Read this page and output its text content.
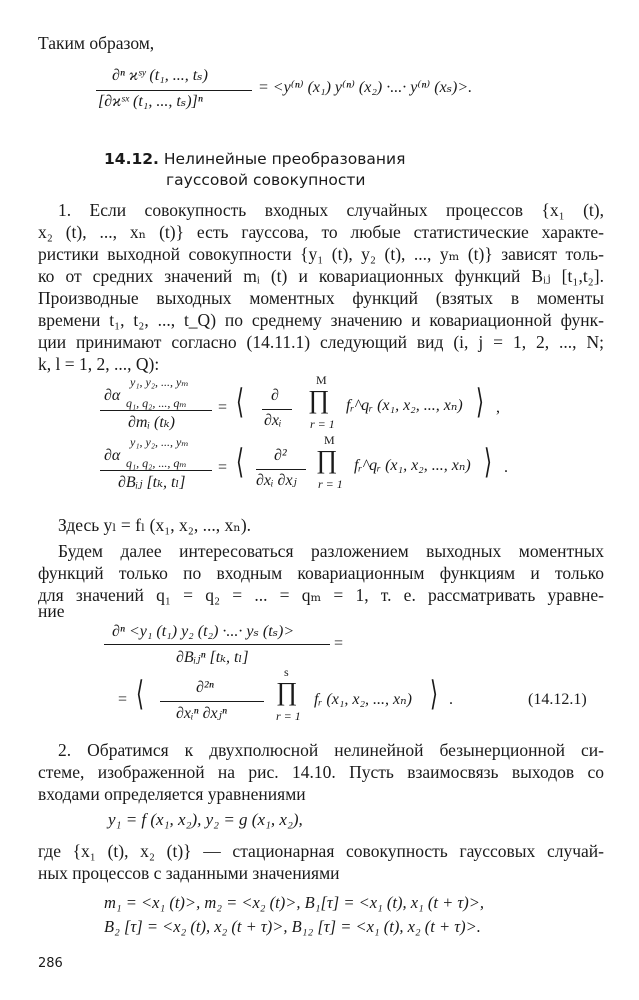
Таким образом,
∂ⁿ ϰˢʸ (t₁, ..., tₛ)
[∂ϰˢˣ (t₁, ..., tₛ)]ⁿ
= <y⁽ⁿ⁾ (x₁) y⁽ⁿ⁾ (x₂) ·...· y⁽ⁿ⁾ (xₛ)>.
14.12. Нелинейные преобразования
гауссовой совокупности
1. Если совокупность входных случайных процессов {x₁ (t),
x₂ (t), ..., xₙ (t)} есть гауссова, то любые статистические характе-
ристики выходной совокупности {y₁ (t), y₂ (t), ..., yₘ (t)} зависят толь-
ко от средних значений mᵢ (t) и ковариационных функций Bᵢⱼ [t₁,t₂].
Производные выходных моментных функций (взятых в моменты
времени t₁, t₂, ..., t_Q) по среднему значению и ковариационной функ-
ции принимают согласно (14.11.1) следующий вид (i, j = 1, 2, ..., N;
k, l = 1, 2, ..., Q):
y₁, y₂, ..., yₘ
∂α q₁, q₂, ..., qₘ
∂mᵢ (tₖ)
= ⟨ ∂
∂xᵢ
M
∏
r = 1
fᵣ^qᵣ (x₁, x₂, ..., xₙ) ⟩ ,
y₁, y₂, ..., yₘ
∂α q₁, q₂, ..., qₘ
∂Bᵢⱼ [tₖ, tₗ]
= ⟨ ∂²
∂xᵢ ∂xⱼ
M
∏
r = 1
fᵣ^qᵣ (x₁, x₂, ..., xₙ) ⟩ .
Здесь yₗ = fₗ (x₁, x₂, ..., xₙ).
Будем далее интересоваться разложением выходных моментных
функций только по входным ковариационным функциям и только
для значений q₁ = q₂ = ... = qₘ = 1, т. е. рассматривать уравне-
ние
∂ⁿ <y₁ (t₁) y₂ (t₂) ·...· yₛ (tₛ)>
=
∂Bᵢⱼⁿ [tₖ, tₗ]
= ⟨	∂²ⁿ
∂xᵢⁿ ∂xⱼⁿ
s
∏
r = 1
fᵣ (x₁, x₂, ..., xₙ) ⟩ .	(14.12.1)
2. Обратимся к двухполюсной нелинейной безынерционной си-
стеме, изображенной на рис. 14.10. Пусть взаимосвязь выходов со
входами определяется уравнениями
y₁ = f (x₁, x₂), y₂ = g (x₁, x₂),
где {x₁ (t), x₂ (t)} — стационарная совокупность гауссовых случай-
ных процессов с заданными значениями
m₁ = <x₁ (t)>, m₂ = <x₂ (t)>, B₁[τ] = <x₁ (t), x₁ (t + τ)>,
B₂ [τ] = <x₂ (t), x₂ (t + τ)>, B₁₂ [τ] = <x₁ (t), x₂ (t + τ)>.
286
